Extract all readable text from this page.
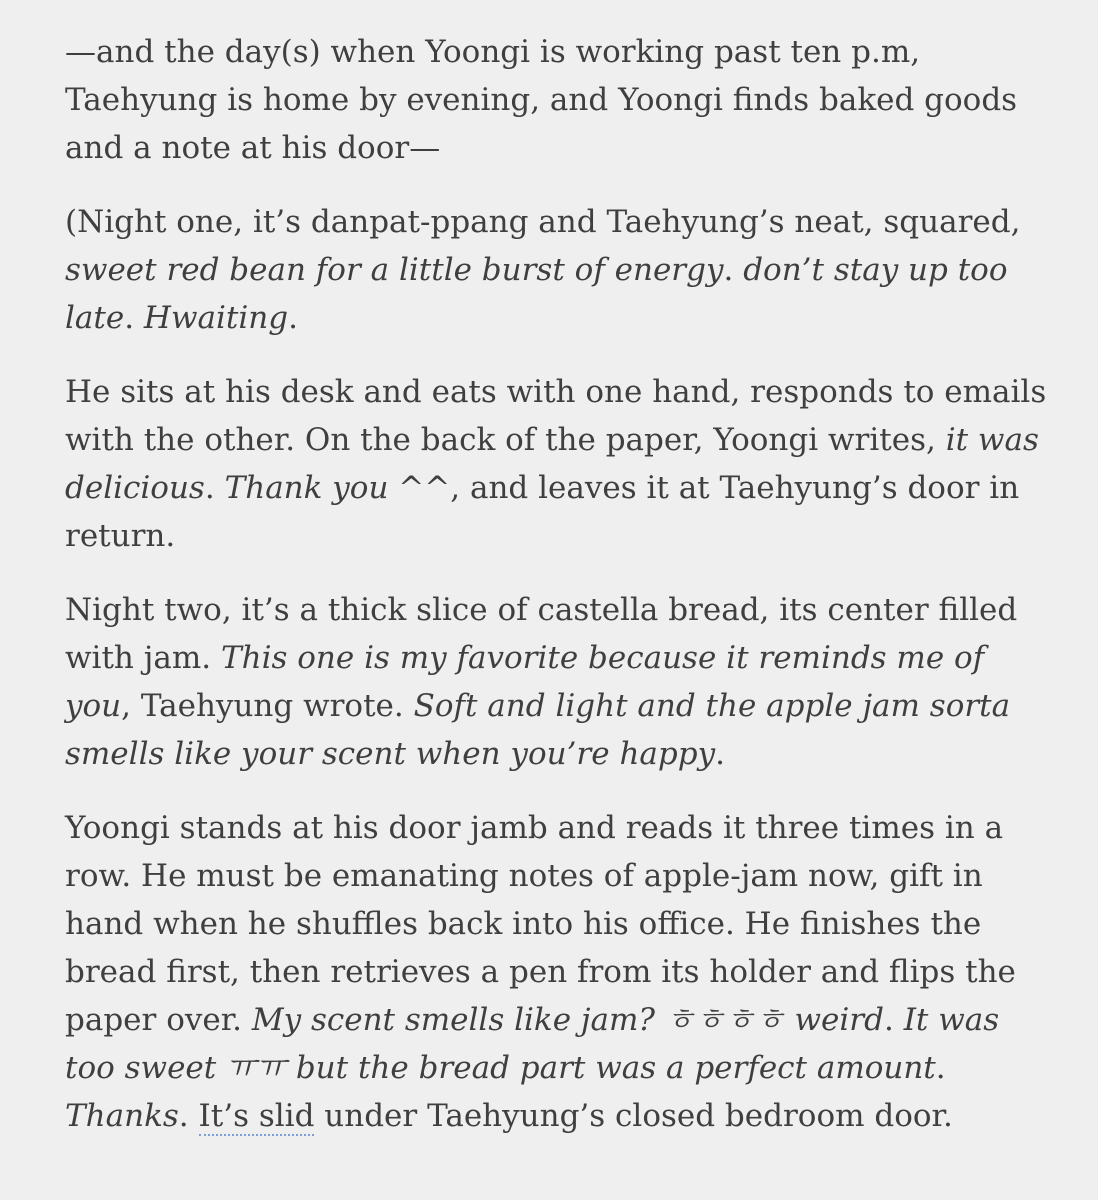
—and the day(s) when Yoongi is working past ten p.m, Taehyung is home by evening, and Yoongi finds baked goods and a note at his door—

(Night one, it’s danpat-ppang and Taehyung’s neat, squared, sweet red bean for a little burst of energy. don’t stay up too late. Hwaiting.

He sits at his desk and eats with one hand, responds to emails with the other. On the back of the paper, Yoongi writes, it was delicious. Thank you ^^, and leaves it at Taehyung’s door in return.

Night two, it’s a thick slice of castella bread, its center filled with jam. This one is my favorite because it reminds me of you, Taehyung wrote. Soft and light and the apple jam sorta smells like your scent when you’re happy.

Yoongi stands at his door jamb and reads it three times in a row. He must be emanating notes of apple-jam now, gift in hand when he shuffles back into his office. He finishes the bread first, then retrieves a pen from its holder and flips the paper over. My scent smells like jam? ㅎㅎㅎㅎ weird. It was too sweet ㅠㅠ but the bread part was a perfect amount. Thanks. It’s slid under Taehyung’s closed bedroom door.
